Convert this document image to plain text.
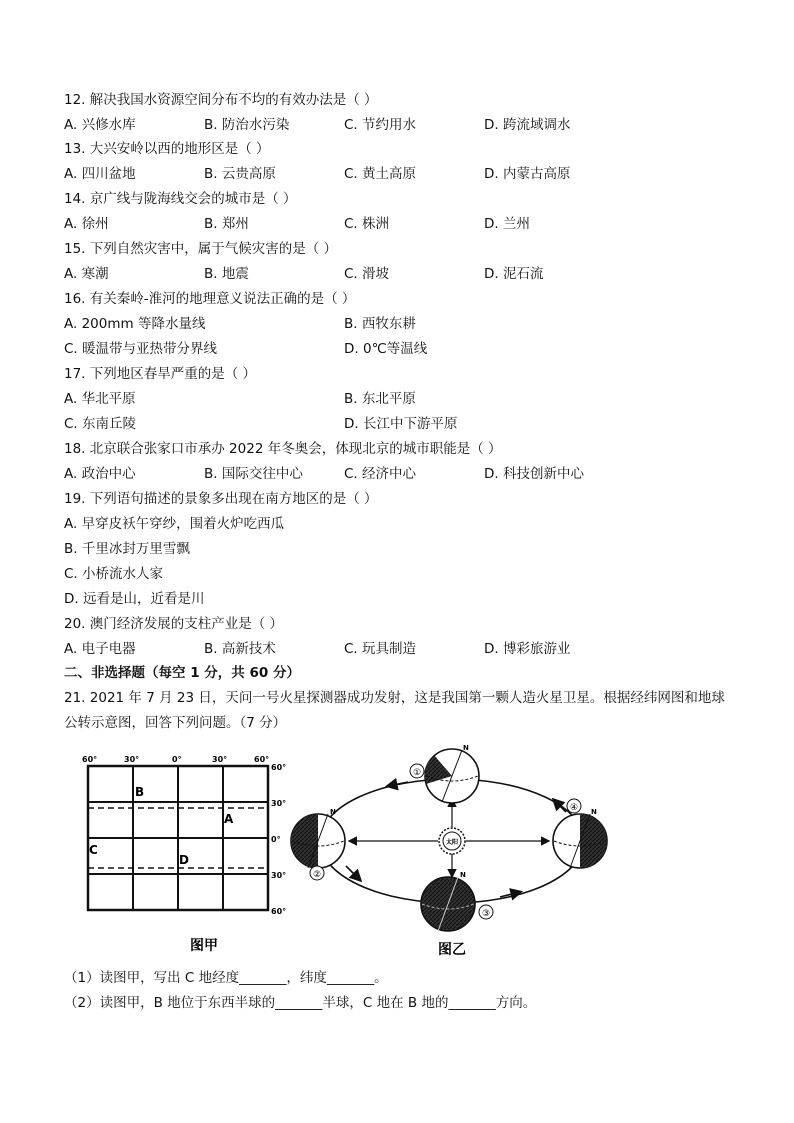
12. 解决我国水资源空间分布不均的有效办法是（ ）
A. 兴修水库	B. 防治水污染	C. 节约用水	D. 跨流域调水
13. 大兴安岭以西的地形区是（ ）
A. 四川盆地	B. 云贵高原	C. 黄土高原	D. 内蒙古高原
14. 京广线与陇海线交会的城市是（ ）
A. 徐州	B. 郑州	C. 株洲	D. 兰州
15. 下列自然灾害中，属于气候灾害的是（ ）
A. 寒潮	B. 地震	C. 滑坡	D. 泥石流
16. 有关秦岭-淮河的地理意义说法正确的是（ ）
A. 200mm 等降水量线	B. 西牧东耕
C. 暖温带与亚热带分界线	D. 0℃等温线
17. 下列地区春旱严重的是（ ）
A. 华北平原	B. 东北平原
C. 东南丘陵	D. 长江中下游平原
18. 北京联合张家口市承办 2022 年冬奥会，体现北京的城市职能是（ ）
A. 政治中心	B. 国际交往中心	C. 经济中心	D. 科技创新中心
19. 下列语句描述的景象多出现在南方地区的是（ ）
A. 早穿皮袄午穿纱，围着火炉吃西瓜
B. 千里冰封万里雪飘
C. 小桥流水人家
D. 远看是山，近看是川
20. 澳门经济发展的支柱产业是（ ）
A. 电子电器	B. 高新技术	C. 玩具制造	D. 博彩旅游业
二、非选择题（每空 1 分，共 60 分）
21. 2021 年 7 月 23 日，天问一号火星探测器成功发射，这是我国第一颗人造火星卫星。根据经纬网图和地球
公转示意图，回答下列问题。（7 分）
60°	30°	0°	30°	60°
60°
30°
0°
30°
60°
B
A
C
D
图甲
太阳
N
①
N
②	N
③
N
④
图乙
（1）读图甲，写出 C 地经度_______，纬度_______。
（2）读图甲，B 地位于东西半球的_______半球，C 地在 B 地的_______方向。
